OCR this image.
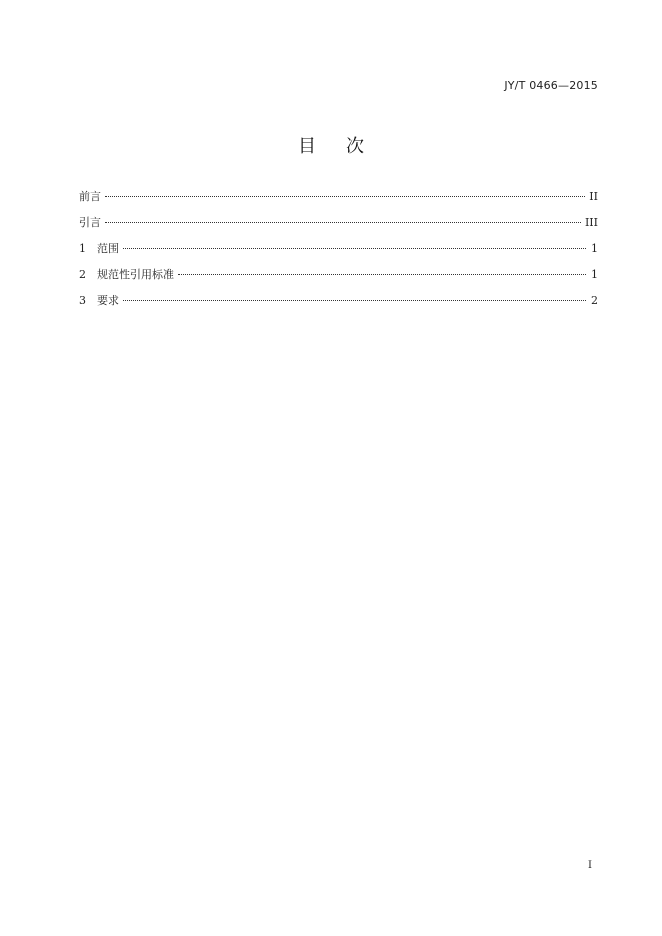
JY/T 0466—2015
目次
前言	II
引言	III
1	范围	1
2	规范性引用标准	1
3	要求	2
I
